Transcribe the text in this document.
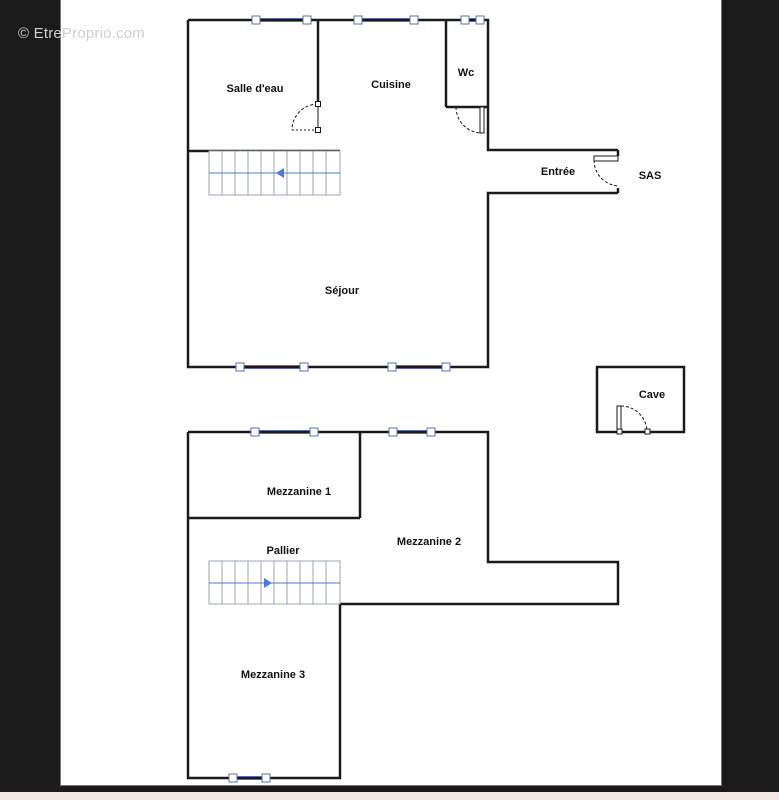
© EtreProprio.com
Salle d'eau	Cuisine
Wc
Entrée	SAS
Séjour
Cave
Mezzanine 1
Mezzanine 2
Pallier
Mezzanine 3
